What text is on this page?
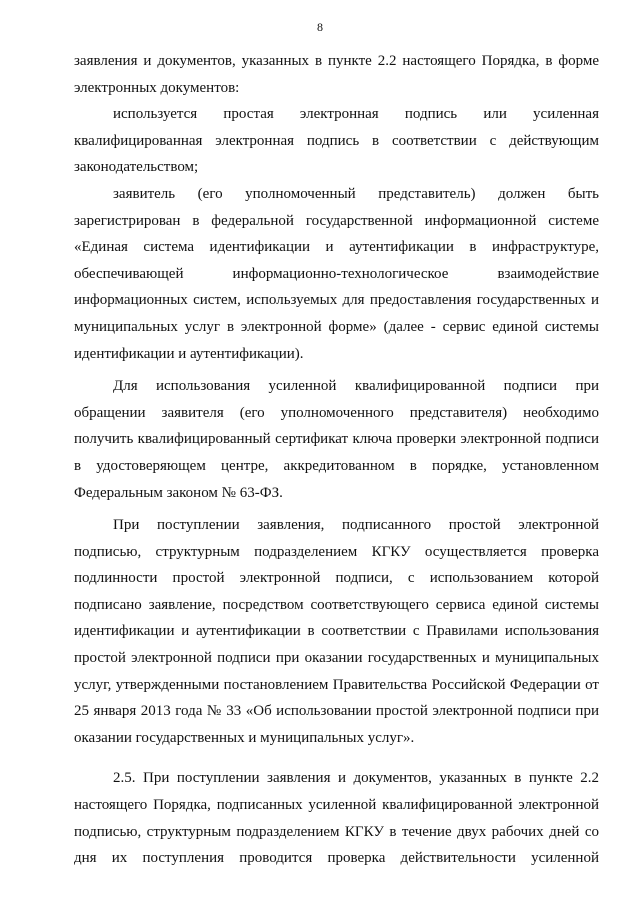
8

заявления и документов, указанных в пункте 2.2 настоящего Порядка, в форме электронных документов:

используется простая электронная подпись или усиленная квалифицированная электронная подпись в соответствии с действующим законодательством;

заявитель (его уполномоченный представитель) должен быть зарегистрирован в федеральной государственной информационной системе «Единая система идентификации и аутентификации в инфраструктуре, обеспечивающей информационно-технологическое взаимодействие информационных систем, используемых для предоставления государственных и муниципальных услуг в электронной форме» (далее - сервис единой системы идентификации и аутентификации).

Для использования усиленной квалифицированной подписи при обращении заявителя (его уполномоченного представителя) необходимо получить квалифицированный сертификат ключа проверки электронной подписи в удостоверяющем центре, аккредитованном в порядке, установленном Федеральным законом № 63-ФЗ.

При поступлении заявления, подписанного простой электронной подписью, структурным подразделением КГКУ осуществляется проверка подлинности простой электронной подписи, с использованием которой подписано заявление, посредством соответствующего сервиса единой системы идентификации и аутентификации в соответствии с Правилами использования простой электронной подписи при оказании государственных и муниципальных услуг, утвержденными постановлением Правительства Российской Федерации от 25 января 2013 года № 33 «Об использовании простой электронной подписи при оказании государственных и муниципальных услуг».

2.5. При поступлении заявления и документов, указанных в пункте 2.2 настоящего Порядка, подписанных усиленной квалифицированной электронной подписью, структурным подразделением КГКУ в течение двух рабочих дней со дня их поступления проводится проверка действительности усиленной
